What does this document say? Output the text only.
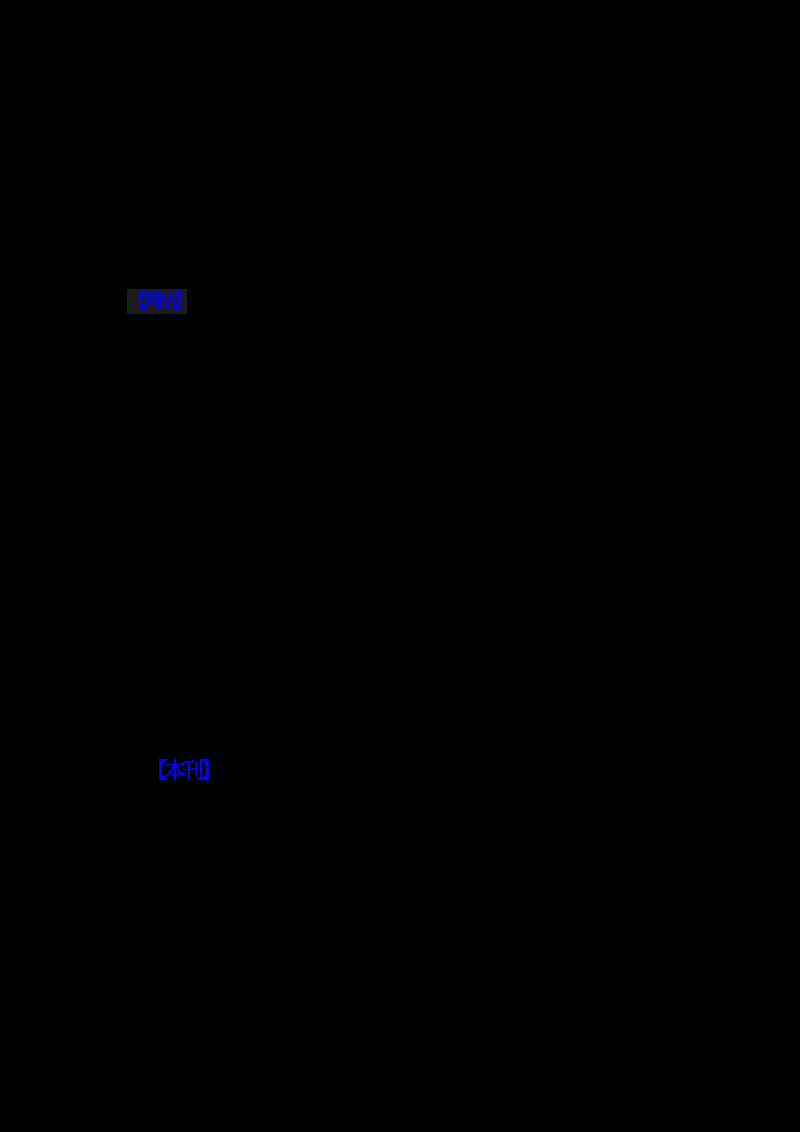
【网站】
【本刊】
